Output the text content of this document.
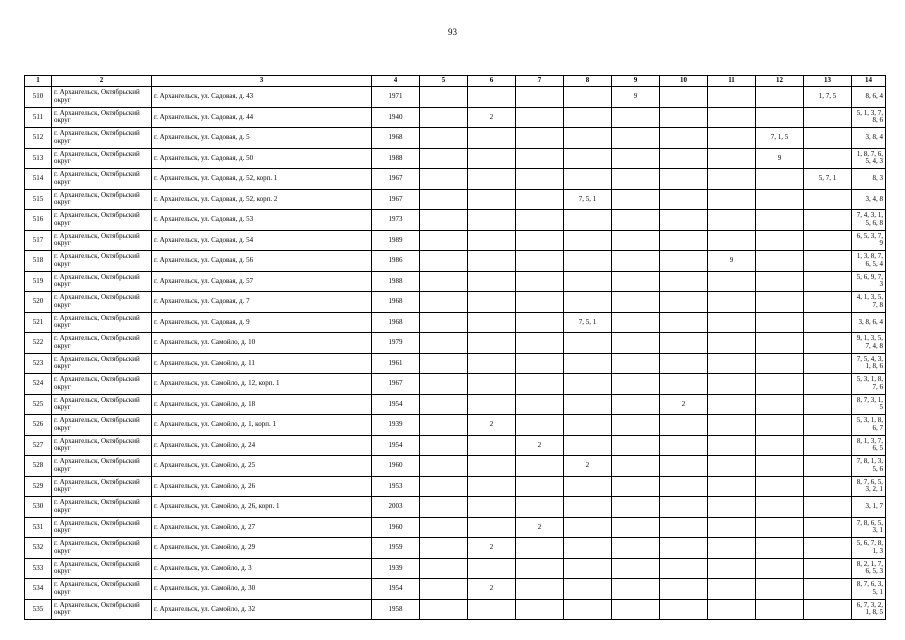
93
1	2	3	4	5	6	7	8	9	10	11	12	13	14
510	г. Архангельск, Октябрьский округ	г. Архангельск, ул. Садовая, д. 43	1971					9				1, 7, 5	8, 6, 4
511	г. Архангельск, Октябрьский округ	г. Архангельск, ул. Садовая, д. 44	1940		2								5, 1, 3, 7, 8, 6
512	г. Архангельск, Октябрьский округ	г. Архангельск, ул. Садовая, д. 5	1968								7, 1, 5		3, 8, 4
513	г. Архангельск, Октябрьский округ	г. Архангельск, ул. Садовая, д. 50	1988								9		1, 8, 7, 6, 5, 4, 3
514	г. Архангельск, Октябрьский округ	г. Архангельск, ул. Садовая, д. 52, корп. 1	1967									5, 7, 1	8, 3
515	г. Архангельск, Октябрьский округ	г. Архангельск, ул. Садовая, д. 52, корп. 2	1967				7, 5, 1						3, 4, 8
516	г. Архангельск, Октябрьский округ	г. Архангельск, ул. Садовая, д. 53	1973										7, 4, 3, 1, 5, 6, 8
517	г. Архангельск, Октябрьский округ	г. Архангельск, ул. Садовая, д. 54	1989										6, 5, 3, 7, 9
518	г. Архангельск, Октябрьский округ	г. Архангельск, ул. Садовая, д. 56	1986							9			1, 3, 8, 7, 6, 5, 4
519	г. Архангельск, Октябрьский округ	г. Архангельск, ул. Садовая, д. 57	1988										5, 6, 9, 7, 3
520	г. Архангельск, Октябрьский округ	г. Архангельск, ул. Садовая, д. 7	1968										4, 1, 3, 5, 7, 8
521	г. Архангельск, Октябрьский округ	г. Архангельск, ул. Садовая, д. 9	1968				7, 5, 1						3, 8, 6, 4
522	г. Архангельск, Октябрьский округ	г. Архангельск, ул. Самойло, д. 10	1979										9, 1, 3, 5, 7, 4, 8
523	г. Архангельск, Октябрьский округ	г. Архангельск, ул. Самойло, д. 11	1961										7, 5, 4, 3, 1, 8, 6
524	г. Архангельск, Октябрьский округ	г. Архангельск, ул. Самойло, д. 12, корп. 1	1967										5, 3, 1, 8, 7, 6
525	г. Архангельск, Октябрьский округ	г. Архангельск, ул. Самойло, д. 18	1954						2				8, 7, 3, 1, 5
526	г. Архангельск, Октябрьский округ	г. Архангельск, ул. Самойло, д. 1, корп. 1	1939		2								5, 3, 1, 8, 6, 7
527	г. Архангельск, Октябрьский округ	г. Архангельск, ул. Самойло, д. 24	1954			2							8, 1, 3, 7, 6, 5
528	г. Архангельск, Октябрьский округ	г. Архангельск, ул. Самойло, д. 25	1960				2						7, 8, 1, 3, 5, 6
529	г. Архангельск, Октябрьский округ	г. Архангельск, ул. Самойло, д. 26	1953										8, 7, 6, 5, 3, 2, 1
530	г. Архангельск, Октябрьский округ	г. Архангельск, ул. Самойло, д. 26, корп. 1	2003										3, 1, 7
531	г. Архангельск, Октябрьский округ	г. Архангельск, ул. Самойло, д. 27	1960			2							7, 8, 6, 5, 3, 1
532	г. Архангельск, Октябрьский округ	г. Архангельск, ул. Самойло, д. 29	1959		2								5, 6, 7, 8, 1, 3
533	г. Архангельск, Октябрьский округ	г. Архангельск, ул. Самойло, д. 3	1939										8, 2, 1, 7, 6, 5, 3
534	г. Архангельск, Октябрьский округ	г. Архангельск, ул. Самойло, д. 30	1954		2								8, 7, 6, 3, 5, 1
535	г. Архангельск, Октябрьский округ	г. Архангельск, ул. Самойло, д. 32	1958										6, 7, 3, 2, 1, 8, 5
